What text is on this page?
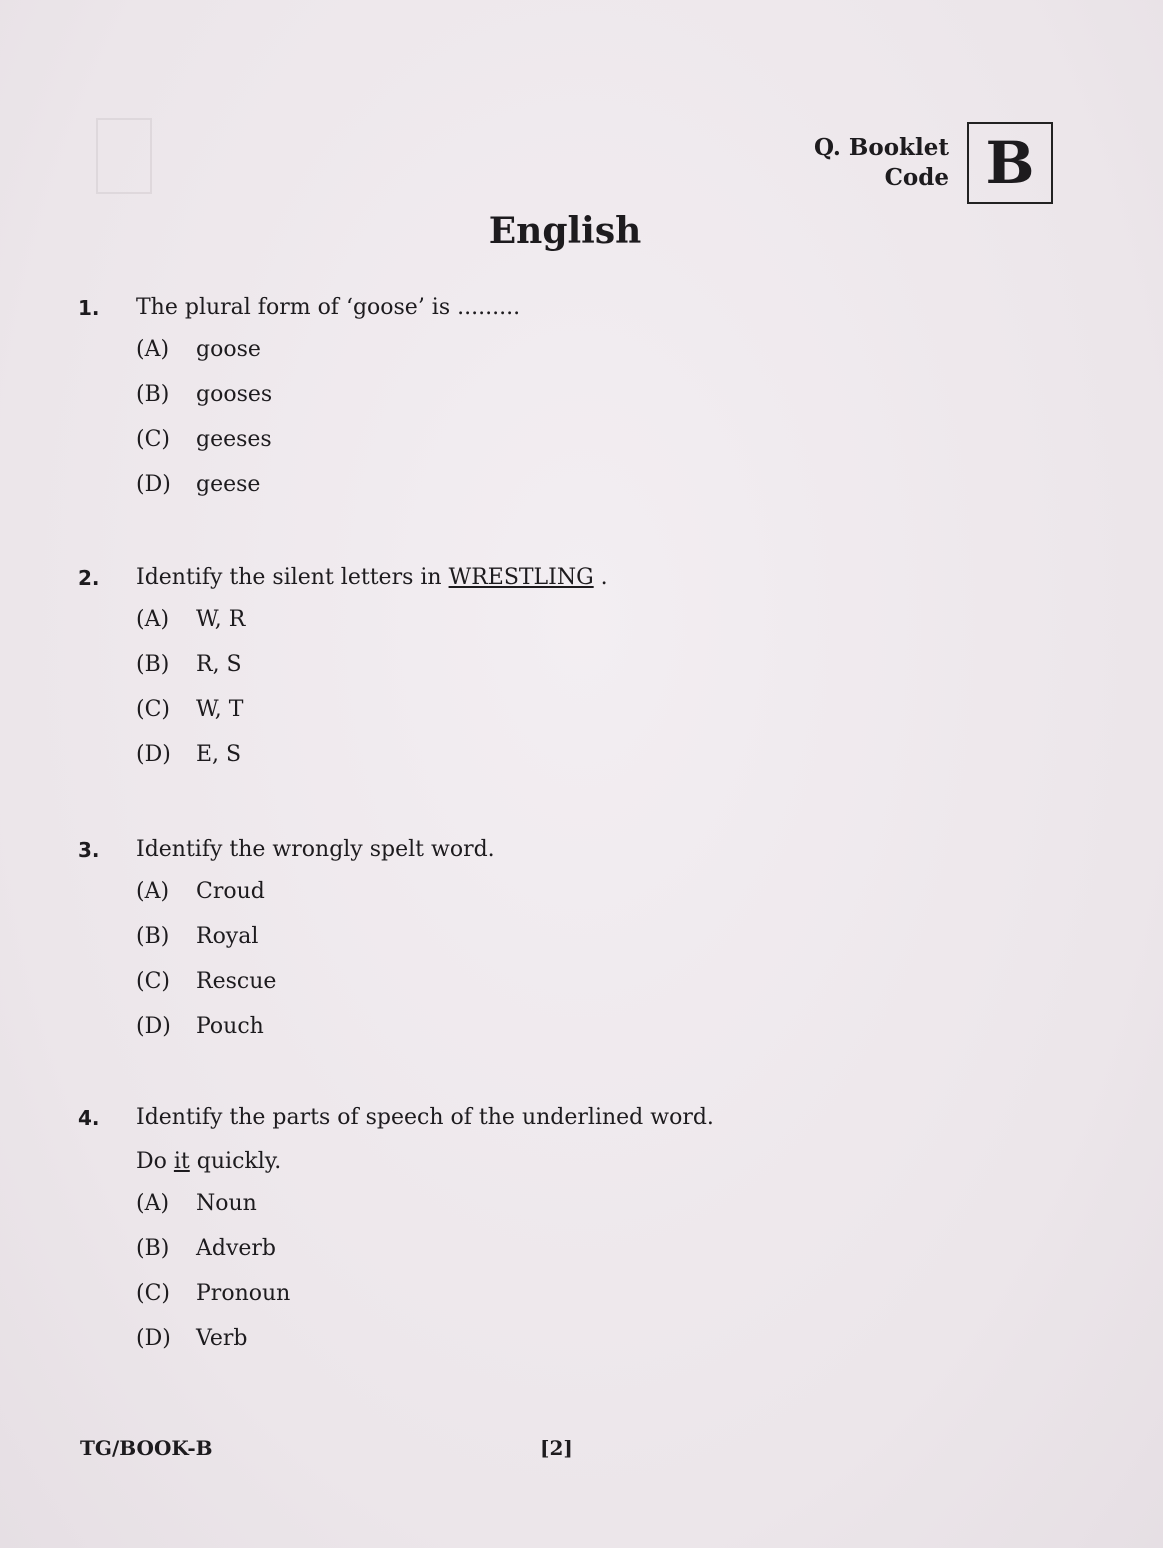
Q. Booklet
Code B
English
1.	The plural form of ‘goose’ is .........
(A)	goose
(B)	gooses
(C)	geeses
(D)	geese
2.	Identify the silent letters in WRESTLING .
(A)	W, R
(B)	R, S
(C)	W, T
(D)	E, S
3.	Identify the wrongly spelt word.
(A)	Croud
(B)	Royal
(C)	Rescue
(D)	Pouch
4.	Identify the parts of speech of the underlined word.
Do it quickly.
(A)	Noun
(B)	Adverb
(C)	Pronoun
(D)	Verb
TG/BOOK-B	[2]
